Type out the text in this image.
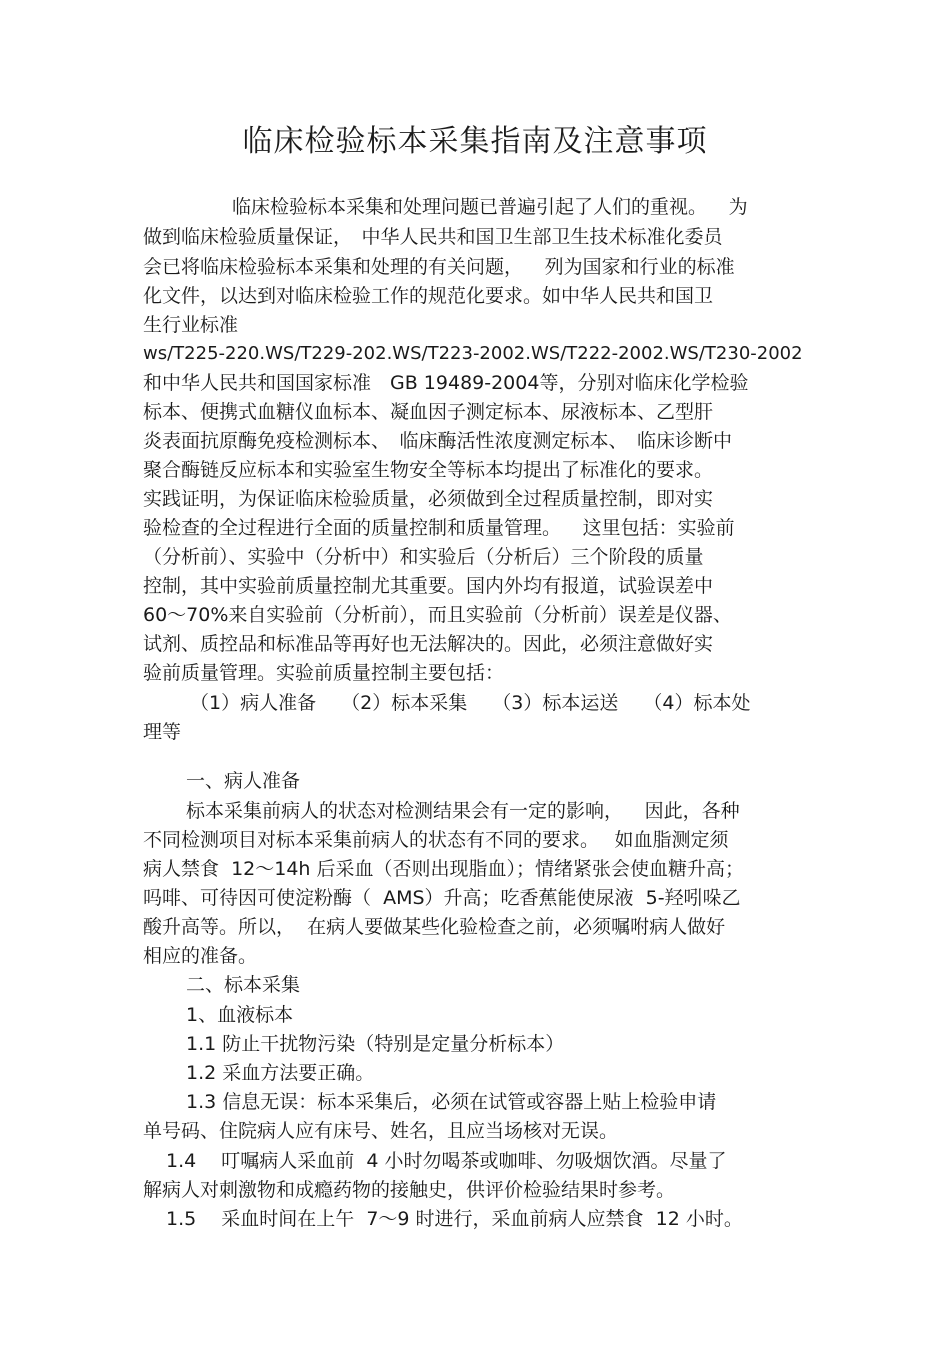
临床检验标本采集指南及注意事项
临床检验标本采集和处理问题已普遍引起了人们的重视。　  为
做到临床检验质量保证，　中华人民共和国卫生部卫生技术标准化委员
会已将临床检验标本采集和处理的有关问题，　  列为国家和行业的标准
化文件，以达到对临床检验工作的规范化要求。如中华人民共和国卫
生行业标准
ws/T225-220.WS/T229-202.WS/T223-2002.WS/T222-2002.WS/T230-2002
和中华人民共和国国家标准　GB 19489-2004等，分别对临床化学检验
标本、便携式血糖仪血标本、凝血因子测定标本、尿液标本、乙型肝
炎表面抗原酶免疫检测标本、　临床酶活性浓度测定标本、　临床诊断中
聚合酶链反应标本和实验室生物安全等标本均提出了标准化的要求。
实践证明，为保证临床检验质量，必须做到全过程质量控制，即对实
验检查的全过程进行全面的质量控制和质量管理。　  这里包括：实验前
（分析前）、实验中（分析中）和实验后（分析后）三个阶段的质量
控制，其中实验前质量控制尤其重要。国内外均有报道，试验误差中
60～70%来自实验前（分析前），而且实验前（分析前）误差是仪器、
试剂、质控品和标准品等再好也无法解决的。因此，必须注意做好实
验前质量管理。实验前质量控制主要包括：
（1）病人准备　 （2）标本采集　 （3）标本运送　 （4）标本处
理等
一、病人准备
标本采集前病人的状态对检测结果会有一定的影响，　  因此，各种
不同检测项目对标本采集前病人的状态有不同的要求。　 如血脂测定须
病人禁食  12～14h 后采血（否则出现脂血）；情绪紧张会使血糖升高；
吗啡、可待因可使淀粉酶（  AMS）升高；吃香蕉能使尿液  5-羟吲哚乙
酸升高等。所以，  在病人要做某些化验检查之前，必须嘱咐病人做好
相应的准备。
二、标本采集
1、血液标本
1.1 防止干扰物污染（特别是定量分析标本）
1.2 采血方法要正确。
1.3 信息无误：标本采集后，必须在试管或容器上贴上检验申请
单号码、住院病人应有床号、姓名，且应当场核对无误。
1.4　 叮嘱病人采血前  4 小时勿喝茶或咖啡、勿吸烟饮酒。尽量了
解病人对刺激物和成瘾药物的接触史，供评价检验结果时参考。
1.5　 采血时间在上午  7～9 时进行，采血前病人应禁食  12 小时。
